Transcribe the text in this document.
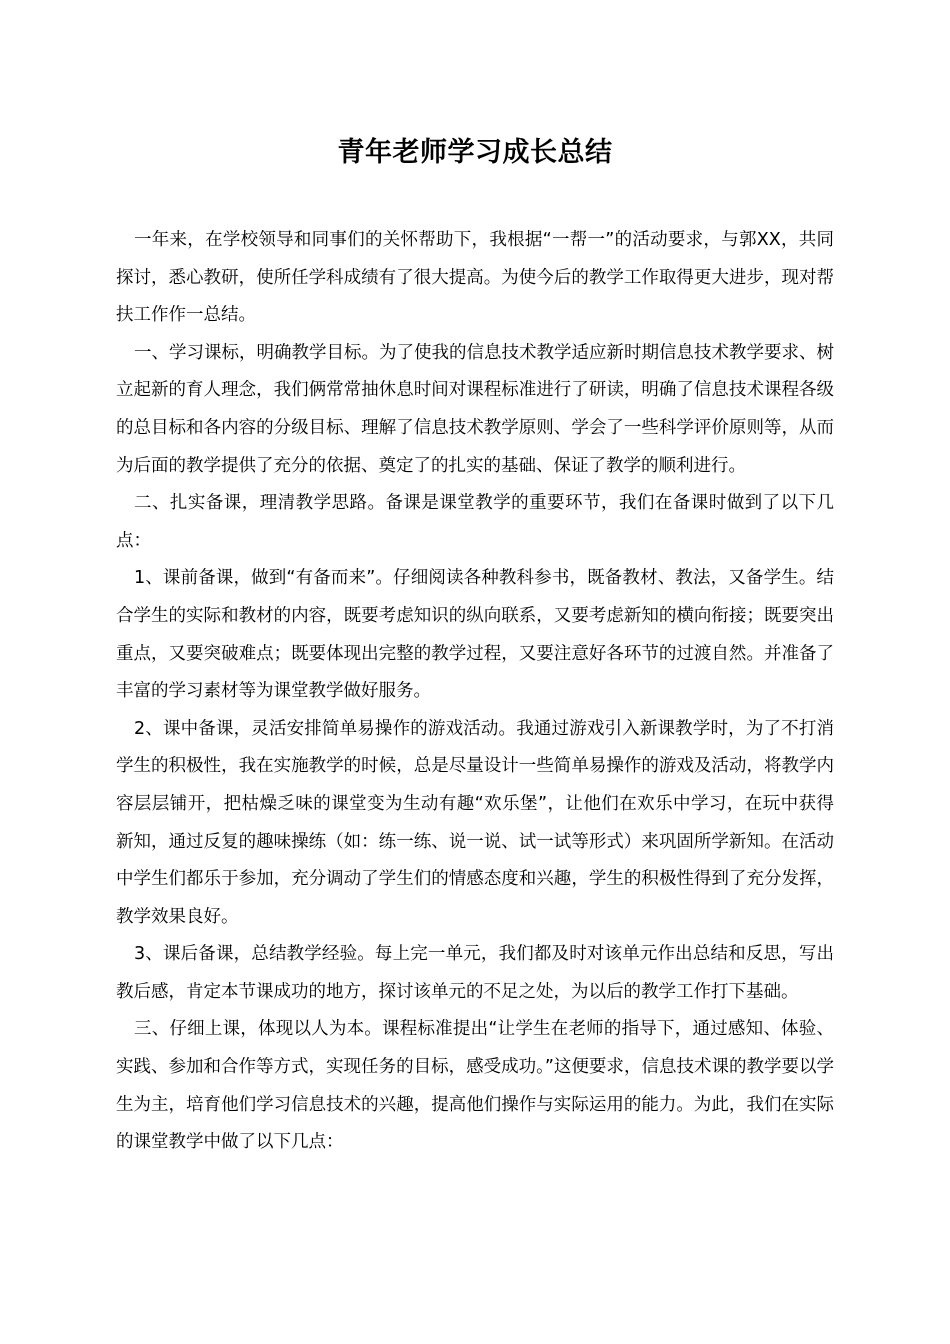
青年老师学习成长总结

一年来，在学校领导和同事们的关怀帮助下，我根据“一帮一”的活动要求，与郭XX，共同探讨，悉心教研，使所任学科成绩有了很大提高。为使今后的教学工作取得更大进步，现对帮扶工作作一总结。

一、学习课标，明确教学目标。为了使我的信息技术教学适应新时期信息技术教学要求、树立起新的育人理念，我们俩常常抽休息时间对课程标准进行了研读，明确了信息技术课程各级的总目标和各内容的分级目标、理解了信息技术教学原则、学会了一些科学评价原则等，从而为后面的教学提供了充分的依据、奠定了的扎实的基础、保证了教学的顺利进行。

二、扎实备课，理清教学思路。备课是课堂教学的重要环节，我们在备课时做到了以下几点：

1、课前备课，做到“有备而来”。仔细阅读各种教科参书，既备教材、教法，又备学生。结合学生的实际和教材的内容，既要考虑知识的纵向联系，又要考虑新知的横向衔接；既要突出重点，又要突破难点；既要体现出完整的教学过程，又要注意好各环节的过渡自然。并准备了丰富的学习素材等为课堂教学做好服务。

2、课中备课，灵活安排简单易操作的游戏活动。我通过游戏引入新课教学时，为了不打消学生的积极性，我在实施教学的时候，总是尽量设计一些简单易操作的游戏及活动，将教学内容层层铺开，把枯燥乏味的课堂变为生动有趣“欢乐堡”，让他们在欢乐中学习，在玩中获得新知，通过反复的趣味操练（如：练一练、说一说、试一试等形式）来巩固所学新知。在活动中学生们都乐于参加，充分调动了学生们的情感态度和兴趣，学生的积极性得到了充分发挥，教学效果良好。

3、课后备课，总结教学经验。每上完一单元，我们都及时对该单元作出总结和反思，写出教后感，肯定本节课成功的地方，探讨该单元的不足之处，为以后的教学工作打下基础。

三、仔细上课，体现以人为本。课程标准提出“让学生在老师的指导下，通过感知、体验、实践、参加和合作等方式，实现任务的目标，感受成功。”这便要求，信息技术课的教学要以学生为主，培育他们学习信息技术的兴趣，提高他们操作与实际运用的能力。为此，我们在实际的课堂教学中做了以下几点：
